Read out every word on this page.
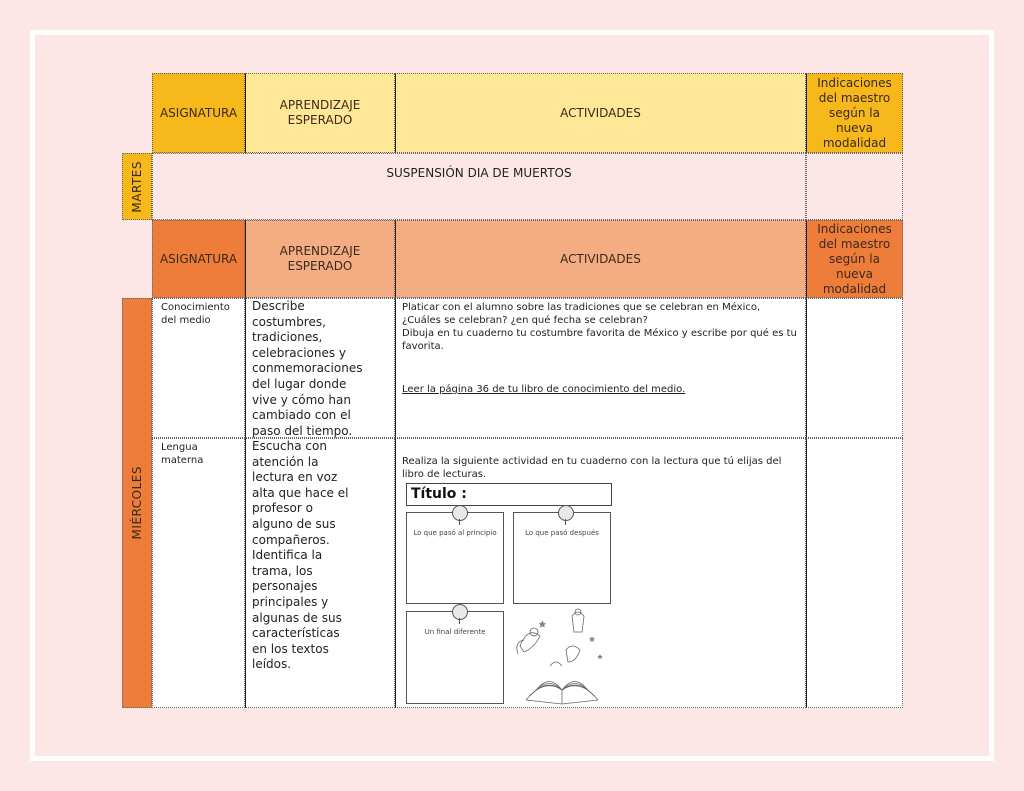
ASIGNATURA
APRENDIZAJE ESPERADO
ACTIVIDADES
Indicaciones del maestro según la nueva modalidad
MARTES	SUSPENSIÓN DIA DE MUERTOS
ASIGNATURA
APRENDIZAJE ESPERADO
ACTIVIDADES
Indicaciones del maestro según la nueva modalidad
MIÉRCOLES
Conocimiento del medio
Describe costumbres, tradiciones, celebraciones y conmemoraciones del lugar donde vive y cómo han cambiado con el paso del tiempo.
Platicar con el alumno sobre las tradiciones que se celebran en México, ¿Cuáles se celebran? ¿en qué fecha se celebran?
Dibuja en tu cuaderno tu costumbre favorita de México y escribe por qué es tu favorita.
Leer la página 36 de tu libro de conocimiento del medio.
Lengua materna
Escucha con atención la lectura en voz alta que hace el profesor o alguno de sus compañeros. Identifica la trama, los personajes principales y algunas de sus características en los textos leídos.
Realiza la siguiente actividad en tu cuaderno con la lectura que tú elijas del libro de lecturas.
Título :
Lo que pasó al principio	Lo que pasó después
Un final diferente
